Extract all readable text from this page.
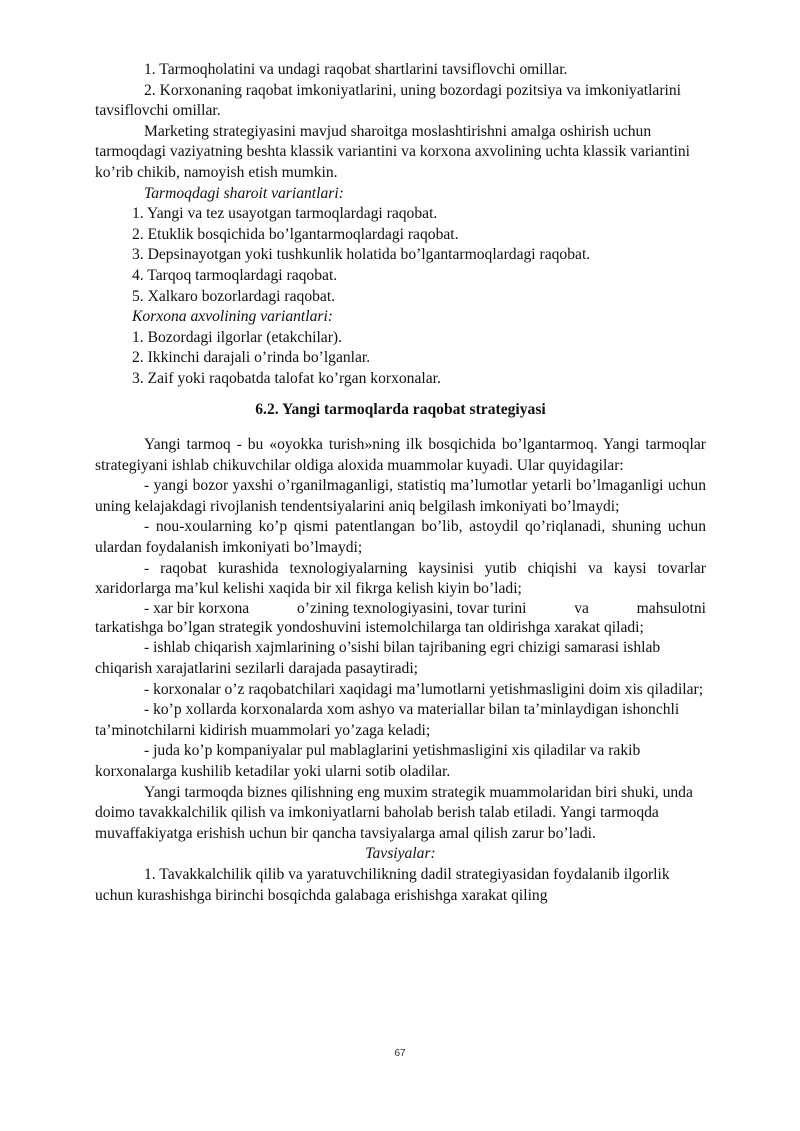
1. Tarmoqholatini va undagi raqobat shartlarini tavsiflovchi omillar.

2. Korxonaning raqobat imkoniyatlarini, uning bozordagi pozitsiya va imkoniyatlarini tavsiflovchi omillar.

Marketing strategiyasini mavjud sharoitga moslashtirishni amalga oshirish uchun tarmoqdagi vaziyatning beshta klassik variantini va korxona axvolining uchta klassik variantini ko’rib chikib, namoyish etish mumkin.

Tarmoqdagi sharoit variantlari:

1. Yangi va tez usayotgan tarmoqlardagi raqobat.

2. Etuklik bosqichida bo’lgantarmoqlardagi raqobat.

3. Depsinayotgan yoki tushkunlik holatida bo’lgantarmoqlardagi raqobat.

4. Tarqoq tarmoqlardagi raqobat.

5. Xalkaro bozorlardagi raqobat.

Korxona axvolining variantlari:

1. Bozordagi ilgorlar (etakchilar).

2. Ikkinchi darajali o’rinda bo’lganlar.

3. Zaif yoki raqobatda talofat ko’rgan korxonalar.

6.2. Yangi tarmoqlarda raqobat strategiyasi

Yangi tarmoq - bu «oyokka turish»ning ilk bosqichida bo’lgantarmoq. Yangi tarmoqlar strategiyani ishlab chikuvchilar oldiga aloxida muammolar kuyadi. Ular quyidagilar:

- yangi bozor yaxshi o’rganilmaganligi, statistiq ma’lumotlar yetarli bo’lmaganligi uchun uning kelajakdagi rivojlanish tendentsiyalarini aniq belgilash imkoniyati bo’lmaydi;

- nou-xoularning ko’p qismi patentlangan bo’lib, astoydil qo’riqlanadi, shuning uchun ulardan foydalanish imkoniyati bo’lmaydi;

- raqobat kurashida texnologiyalarning kaysinisi yutib chiqishi va kaysi tovarlar xaridorlarga ma’kul kelishi xaqida bir xil fikrga kelish kiyin bo’ladi;

- xar bir korxona	o’zining texnologiyasini, tovar turini	va	mahsulotni

tarkatishga bo’lgan strategik yondoshuvini istemolchilarga tan oldirishga xarakat qiladi;

- ishlab chiqarish xajmlarining o’sishi bilan tajribaning egri chizigi samarasi ishlab chiqarish xarajatlarini sezilarli darajada pasaytiradi;

- korxonalar o’z raqobatchilari xaqidagi ma’lumotlarni yetishmasligini doim xis qiladilar;

- ko’p xollarda korxonalarda xom ashyo va materiallar bilan ta’minlaydigan ishonchli ta’minotchilarni kidirish muammolari yo’zaga keladi;

- juda ko’p kompaniyalar pul mablaglarini yetishmasligini xis qiladilar va rakib korxonalarga kushilib ketadilar yoki ularni sotib oladilar.

Yangi tarmoqda biznes qilishning eng muxim strategik muammolaridan biri shuki, unda doimo tavakkalchilik qilish va imkoniyatlarni baholab berish talab etiladi. Yangi tarmoqda muvaffakiyatga erishish uchun bir qancha tavsiyalarga amal qilish zarur bo’ladi.

Tavsiyalar:

1. Tavakkalchilik qilib va yaratuvchilikning dadil strategiyasidan foydalanib ilgorlik uchun kurashishga birinchi bosqichda galabaga erishishga xarakat qiling

67
